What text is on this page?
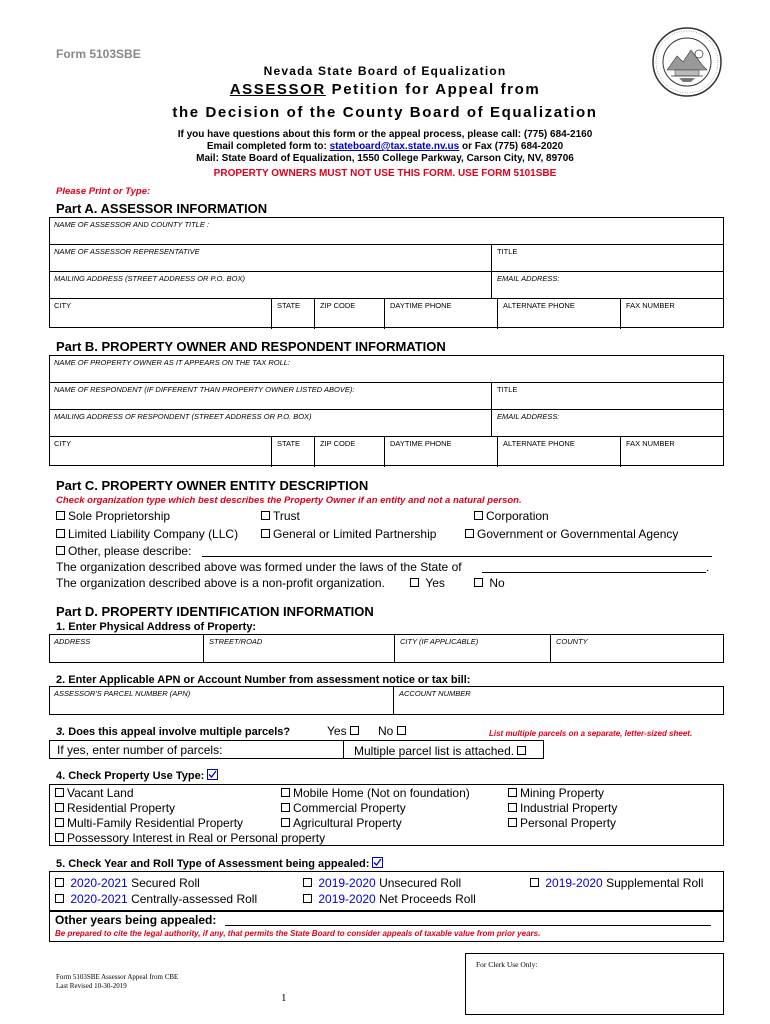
Form 5103SBE
Nevada State Board of Equalization
ASSESSOR Petition for Appeal from
the Decision of the County Board of Equalization
If you have questions about this form or the appeal process, please call: (775) 684-2160
Email completed form to: stateboard@tax.state.nv.us or Fax (775) 684-2020
Mail: State Board of Equalization, 1550 College Parkway, Carson City, NV, 89706
PROPERTY OWNERS MUST NOT USE THIS FORM. USE FORM 5101SBE
Please Print or Type:
Part A. ASSESSOR INFORMATION
NAME OF ASSESSOR AND COUNTY TITLE :
NAME OF ASSESSOR REPRESENTATIVE	TITLE
MAILING ADDRESS (STREET ADDRESS OR P.O. BOX)	EMAIL ADDRESS:
CITY	STATE	ZIP CODE	DAYTIME PHONE	ALTERNATE PHONE	FAX NUMBER
Part B. PROPERTY OWNER AND RESPONDENT INFORMATION
NAME OF PROPERTY OWNER AS IT APPEARS ON THE TAX ROLL:
NAME OF RESPONDENT (IF DIFFERENT THAN PROPERTY OWNER LISTED ABOVE):	TITLE
MAILING ADDRESS OF RESPONDENT (STREET ADDRESS OR P.O. BOX)	EMAIL ADDRESS:
CITY	STATE	ZIP CODE	DAYTIME PHONE	ALTERNATE PHONE	FAX NUMBER
Part C. PROPERTY OWNER ENTITY DESCRIPTION
Check organization type which best describes the Property Owner if an entity and not a natural person.
Sole Proprietorship	Trust	Corporation
Limited Liability Company (LLC)	General or Limited Partnership	Government or Governmental Agency
Other, please describe:
The organization described above was formed under the laws of the State of	.
The organization described above is a non-profit organization.	Yes	No
Part D. PROPERTY IDENTIFICATION INFORMATION
1. Enter Physical Address of Property:
ADDRESS	STREET/ROAD	CITY (IF APPLICABLE)	COUNTY
2. Enter Applicable APN or Account Number from assessment notice or tax bill:
ASSESSOR'S PARCEL NUMBER (APN)	ACCOUNT NUMBER
3. Does this appeal involve multiple parcels?	Yes	No	List multiple parcels on a separate, letter-sized sheet.
If yes, enter number of parcels:	Multiple parcel list is attached.
4. Check Property Use Type:
Vacant Land	Mobile Home (Not on foundation)	Mining Property
Residential Property	Commercial Property	Industrial Property
Multi-Family Residential Property	Agricultural Property	Personal Property
Possessory Interest in Real or Personal property
5. Check Year and Roll Type of Assessment being appealed:
2020-2021 Secured Roll	2019-2020 Unsecured Roll	2019-2020 Supplemental Roll
2020-2021 Centrally-assessed Roll	2019-2020 Net Proceeds Roll
Other years being appealed:
Be prepared to cite the legal authority, if any, that permits the State Board to consider appeals of taxable value from prior years.
For Clerk Use Only:
Form 5103SBE Assessor Appeal from CBE
Last Revised 10-30-2019
1
